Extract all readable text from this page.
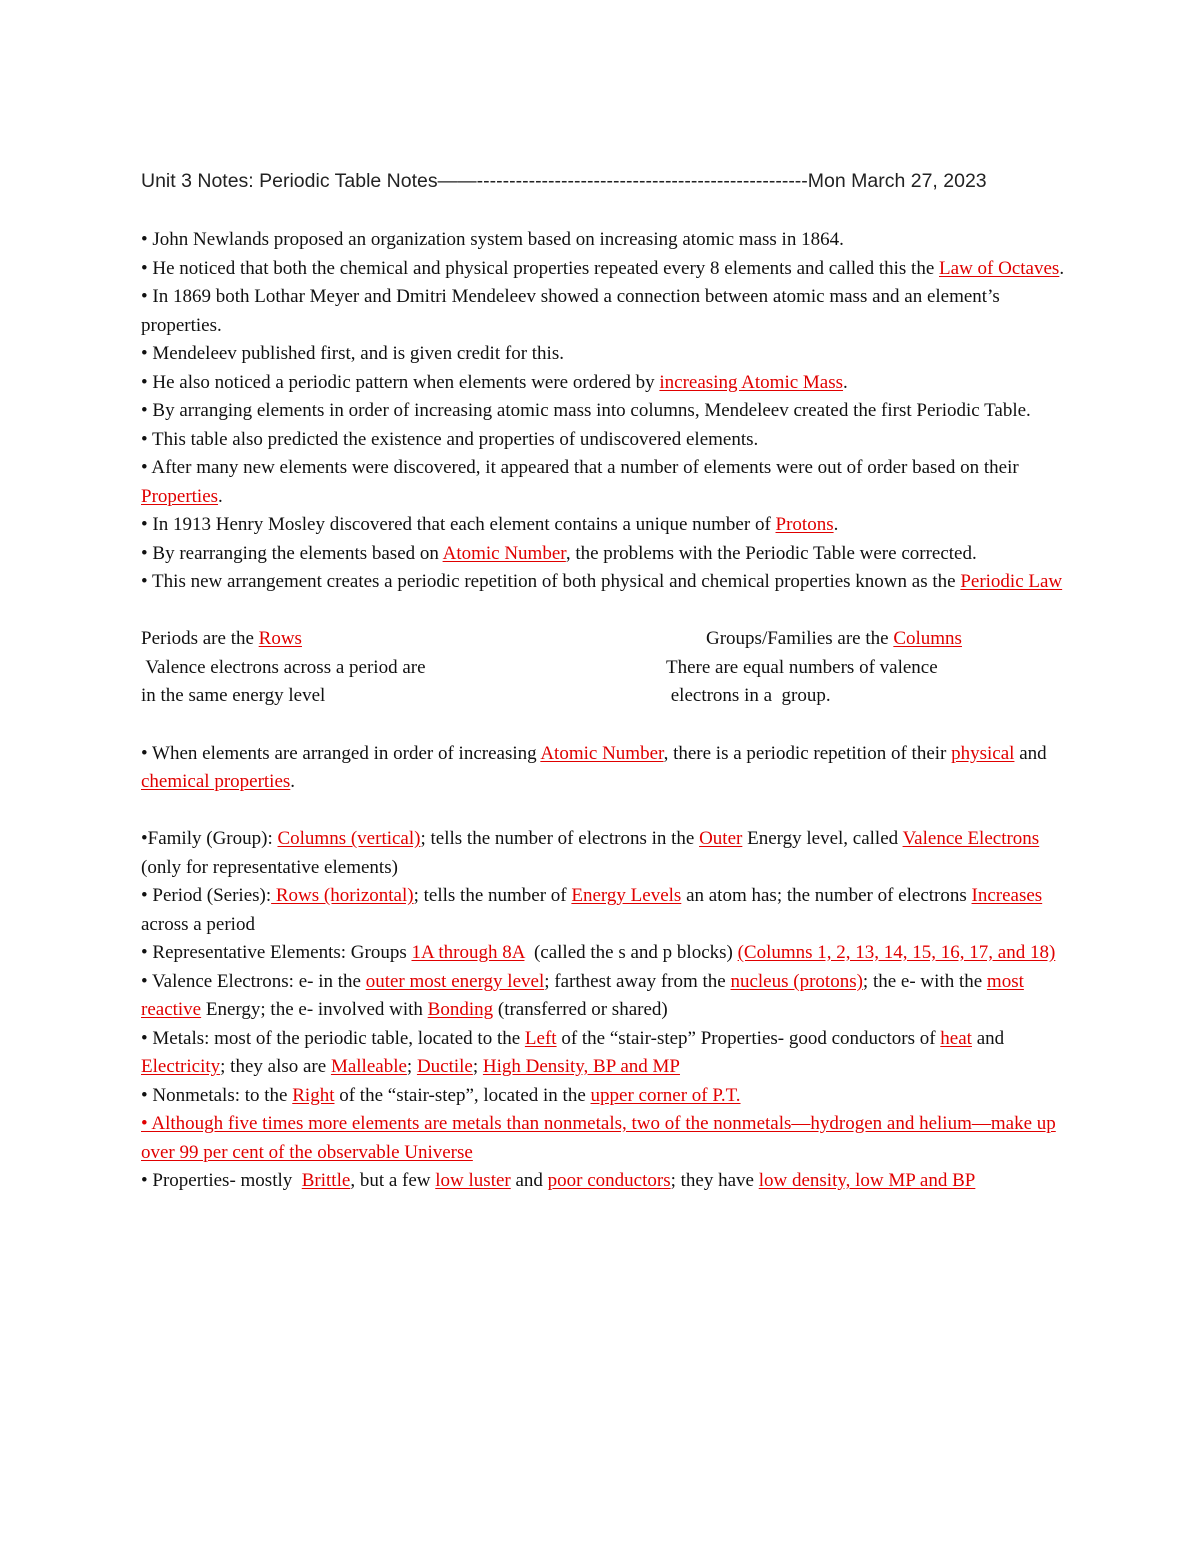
Unit 3 Notes: Periodic Table Notes——---------------------------------------------------Mon March 27, 2023

• John Newlands proposed an organization system based on increasing atomic mass in 1864.

• He noticed that both the chemical and physical properties repeated every 8 elements and called this the Law of Octaves.

• In 1869 both Lothar Meyer and Dmitri Mendeleev showed a connection between atomic mass and an element’s properties.

• Mendeleev published first, and is given credit for this.

• He also noticed a periodic pattern when elements were ordered by increasing Atomic Mass.

• By arranging elements in order of increasing atomic mass into columns, Mendeleev created the first Periodic Table.

• This table also predicted the existence and properties of undiscovered elements.

• After many new elements were discovered, it appeared that a number of elements were out of order based on their Properties.

• In 1913 Henry Mosley discovered that each element contains a unique number of Protons.

• By rearranging the elements based on Atomic Number, the problems with the Periodic Table were corrected.

• This new arrangement creates a periodic repetition of both physical and chemical properties known as the Periodic Law

Periods are the Rows
Valence electrons across a period are
in the same energy level
Groups/Families are the Columns
There are equal numbers of valence
electrons in a  group.

• When elements are arranged in order of increasing Atomic Number, there is a periodic repetition of their physical and chemical properties.

•Family (Group): Columns (vertical); tells the number of electrons in the Outer Energy level, called Valence Electrons (only for representative elements)

• Period (Series): Rows (horizontal); tells the number of Energy Levels an atom has; the number of electrons Increases across a period

• Representative Elements: Groups 1A through 8A  (called the s and p blocks) (Columns 1, 2, 13, 14, 15, 16, 17, and 18)

• Valence Electrons: e- in the outer most energy level; farthest away from the nucleus (protons); the e- with the most reactive Energy; the e- involved with Bonding (transferred or shared)

• Metals: most of the periodic table, located to the Left of the “stair-step” Properties- good conductors of heat and Electricity; they also are Malleable; Ductile; High Density, BP and MP

• Nonmetals: to the Right of the “stair-step”, located in the upper corner of P.T.

• Although five times more elements are metals than nonmetals, two of the nonmetals—hydrogen and helium—make up over 99 per cent of the observable Universe

• Properties- mostly  Brittle, but a few low luster and poor conductors; they have low density, low MP and BP
